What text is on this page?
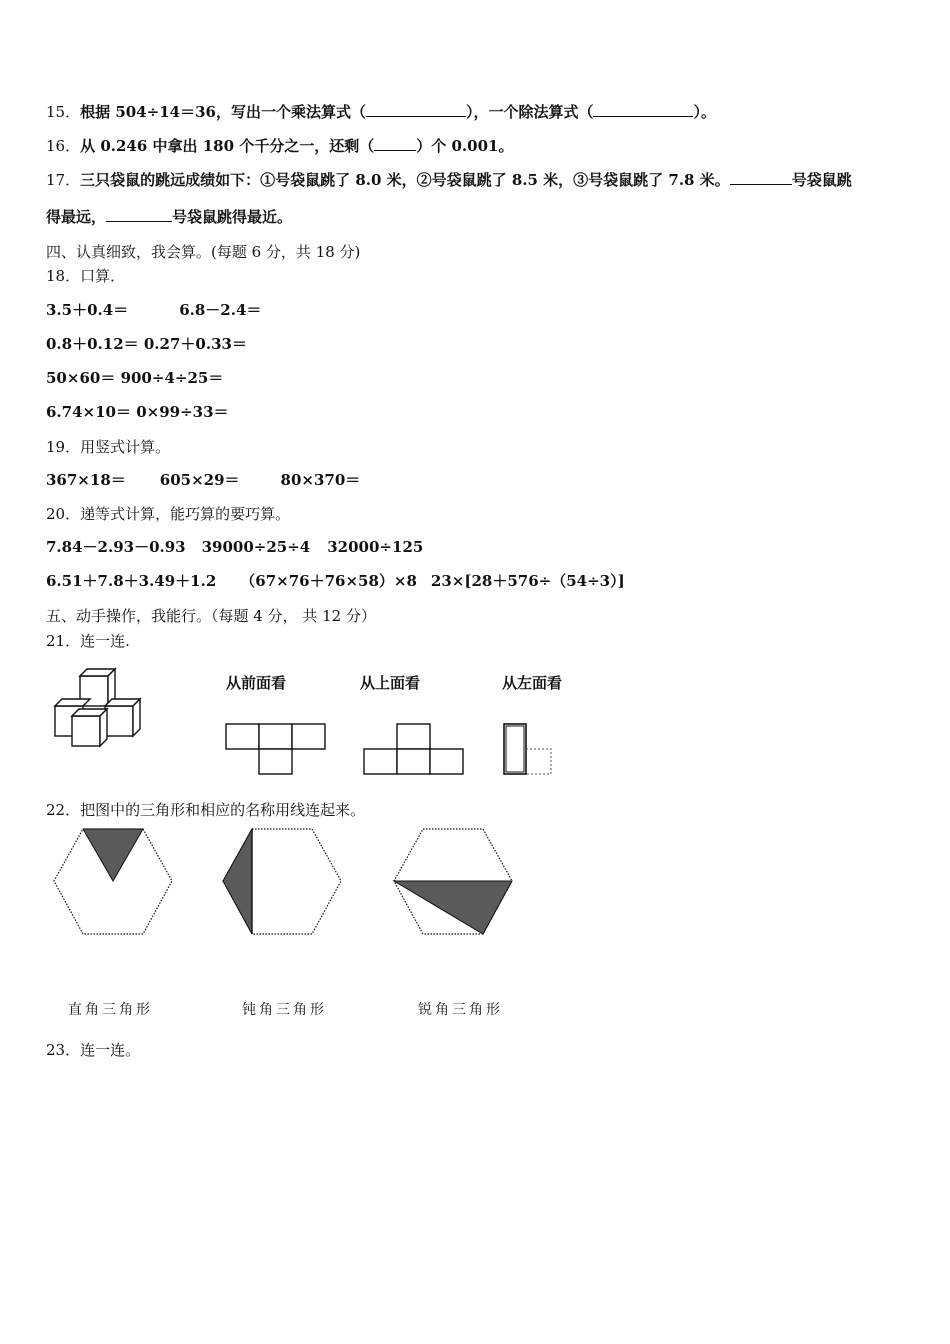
15．根据 504÷14＝36，写出一个乘法算式（	），一个除法算式（	）。
16．从 0.246 中拿出 180 个千分之一，还剩（	）个 0.001。
17．三只袋鼠的跳远成绩如下：①号袋鼠跳了 8.0 米，②号袋鼠跳了 8.5 米，③号袋鼠跳了 7.8 米。	号袋鼠跳
得最远，	号袋鼠跳得最近。
四、认真细致，我会算。(每题 6 分，共 18 分)
18．口算．
3.5＋0.4＝	6.8－2.4＝
0.8＋0.12＝ 0.27＋0.33＝
50×60＝ 900÷4÷25＝
6.74×10＝ 0×99÷33＝
19．用竖式计算。
367×18＝ 605×29＝	80×370＝
20．递等式计算，能巧算的要巧算。
7.84－2.93－0.93 39000÷25÷4 32000÷125
6.51＋7.8＋3.49＋1.2 （67×76＋76×58）×8 23×[28＋576÷（54÷3）]
五、动手操作，我能行。（每题 4 分， 共 12 分）
21．连一连.
从前面看	从上面看	从左面看
22．把图中的三角形和相应的名称用线连起来。
直角三角形	钝角三角形	锐角三角形
23．连一连。
